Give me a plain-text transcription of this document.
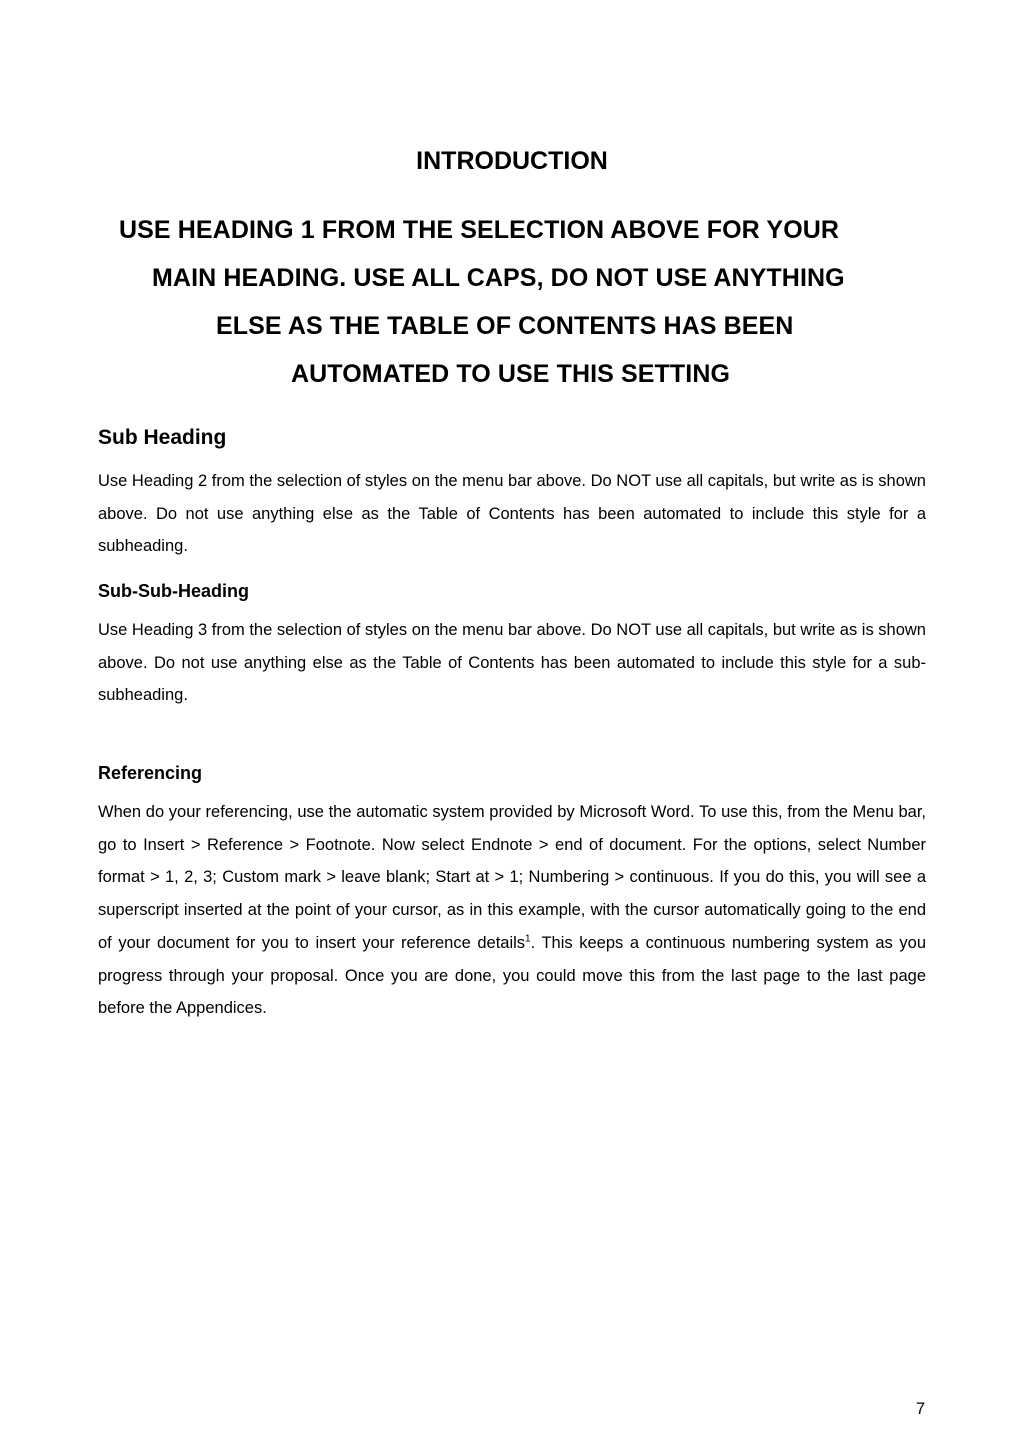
INTRODUCTION
USE HEADING 1 FROM THE SELECTION ABOVE FOR YOUR
MAIN HEADING. USE ALL CAPS, DO NOT USE ANYTHING
ELSE AS THE TABLE OF CONTENTS HAS BEEN
AUTOMATED TO USE THIS SETTING
Sub Heading

Use Heading 2 from the selection of styles on the menu bar above. Do NOT use all capitals, but write as is shown above. Do not use anything else as the Table of Contents has been automated to include this style for a subheading.

Sub-Sub-Heading

Use Heading 3 from the selection of styles on the menu bar above. Do NOT use all capitals, but write as is shown above. Do not use anything else as the Table of Contents has been automated to include this style for a sub-subheading.

Referencing

When do your referencing, use the automatic system provided by Microsoft Word. To use this, from the Menu bar, go to Insert > Reference > Footnote. Now select Endnote > end of document. For the options, select Number format > 1, 2, 3; Custom mark > leave blank; Start at > 1; Numbering > continuous. If you do this, you will see a superscript inserted at the point of your cursor, as in this example, with the cursor automatically going to the end of your document for you to insert your reference details$^1$. This keeps a continuous numbering system as you progress through your proposal. Once you are done, you could move this from the last page to the last page before the Appendices.

7
